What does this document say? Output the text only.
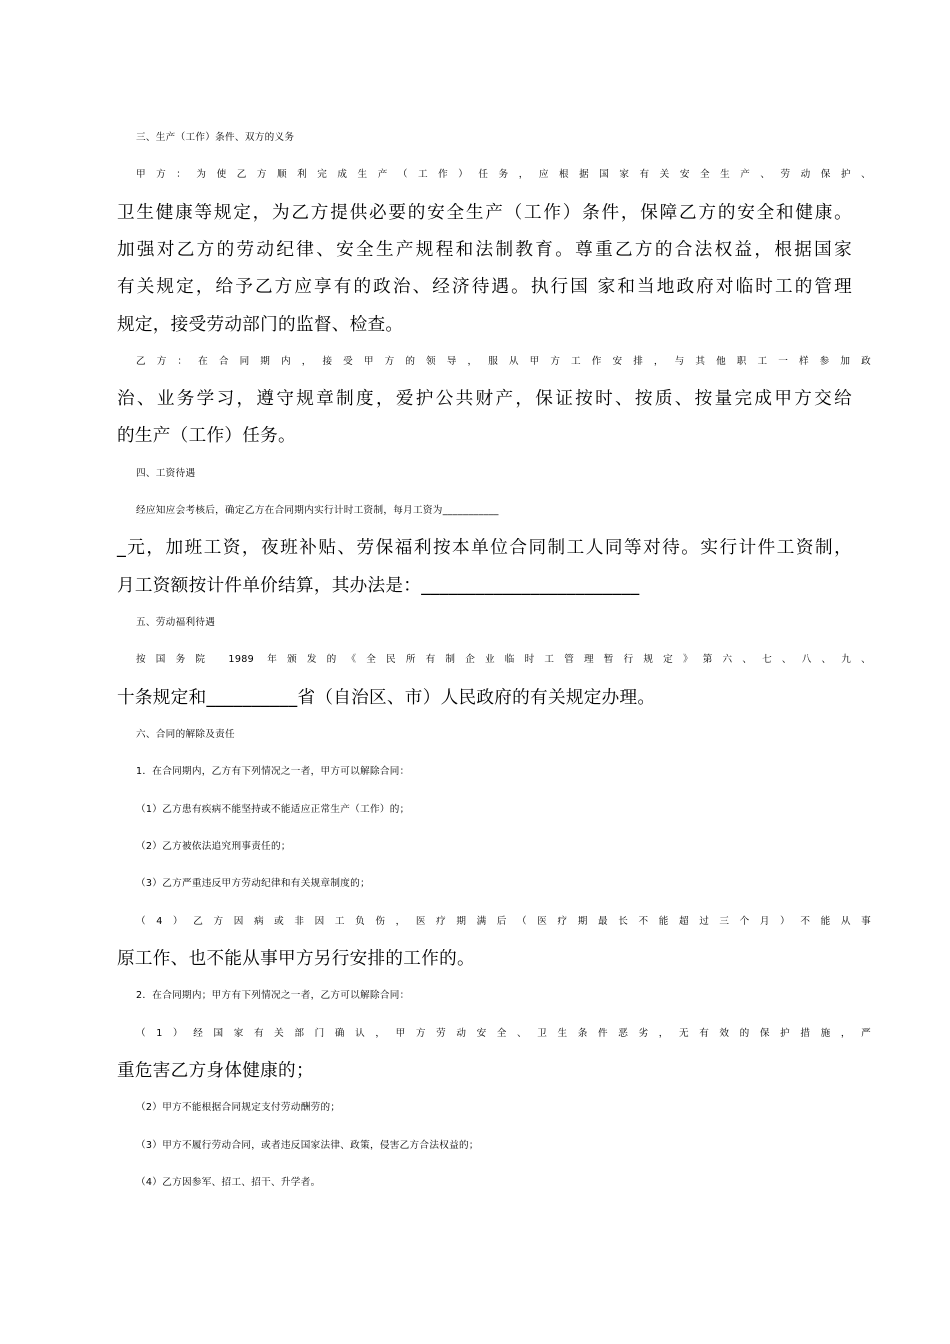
三、生产（工作）条件、双方的义务
甲方：为使乙方顺利完成生产（工作）任务，应根据国家有关安全生产、劳动保护、
卫生健康等规定，为乙方提供必要的安全生产（工作）条件，保障乙方的安全和健康。
加强对乙方的劳动纪律、安全生产规程和法制教育。尊重乙方的合法权益，根据国家
有关规定，给予乙方应享有的政治、经济待遇。执行国 家和当地政府对临时工的管理
规定，接受劳动部门的监督、检查。
乙方：在合同期内，接受甲方的领导，服从甲方工作安排，与其他职工一样参加政
治、业务学习，遵守规章制度，爱护公共财产，保证按时、按质、按量完成甲方交给
的生产（工作）任务。
四、工资待遇
经应知应会考核后，确定乙方在合同期内实行计时工资制，每月工资为___________
_元，加班工资，夜班补贴、劳保福利按本单位合同制工人同等对待。实行计件工资制，
月工资额按计件单价结算，其办法是：________________________
五、劳动福利待遇
按国务院 1989 年颁发的《全民所有制企业临时工管理暂行规定》第六、七、八、九、
十条规定和__________省（自治区、市）人民政府的有关规定办理。
六、合同的解除及责任
1．在合同期内，乙方有下列情况之一者，甲方可以解除合同：
（1）乙方患有疾病不能坚持或不能适应正常生产（工作）的；
（2）乙方被依法追究刑事责任的；
（3）乙方严重违反甲方劳动纪律和有关规章制度的；
（4）乙方因病或非因工负伤，医疗期满后（医疗期最长不能超过三个月）不能从事
原工作、也不能从事甲方另行安排的工作的。
2．在合同期内；甲方有下列情况之一者，乙方可以解除合同：
（1）经国家有关部门确认，甲方劳动安全、卫生条件恶劣，无有效的保护措施，严
重危害乙方身体健康的；
（2）甲方不能根据合同规定支付劳动酬劳的；
（3）甲方不履行劳动合同，或者违反国家法律、政策，侵害乙方合法权益的；
（4）乙方因参军、招工、招干、升学者。
